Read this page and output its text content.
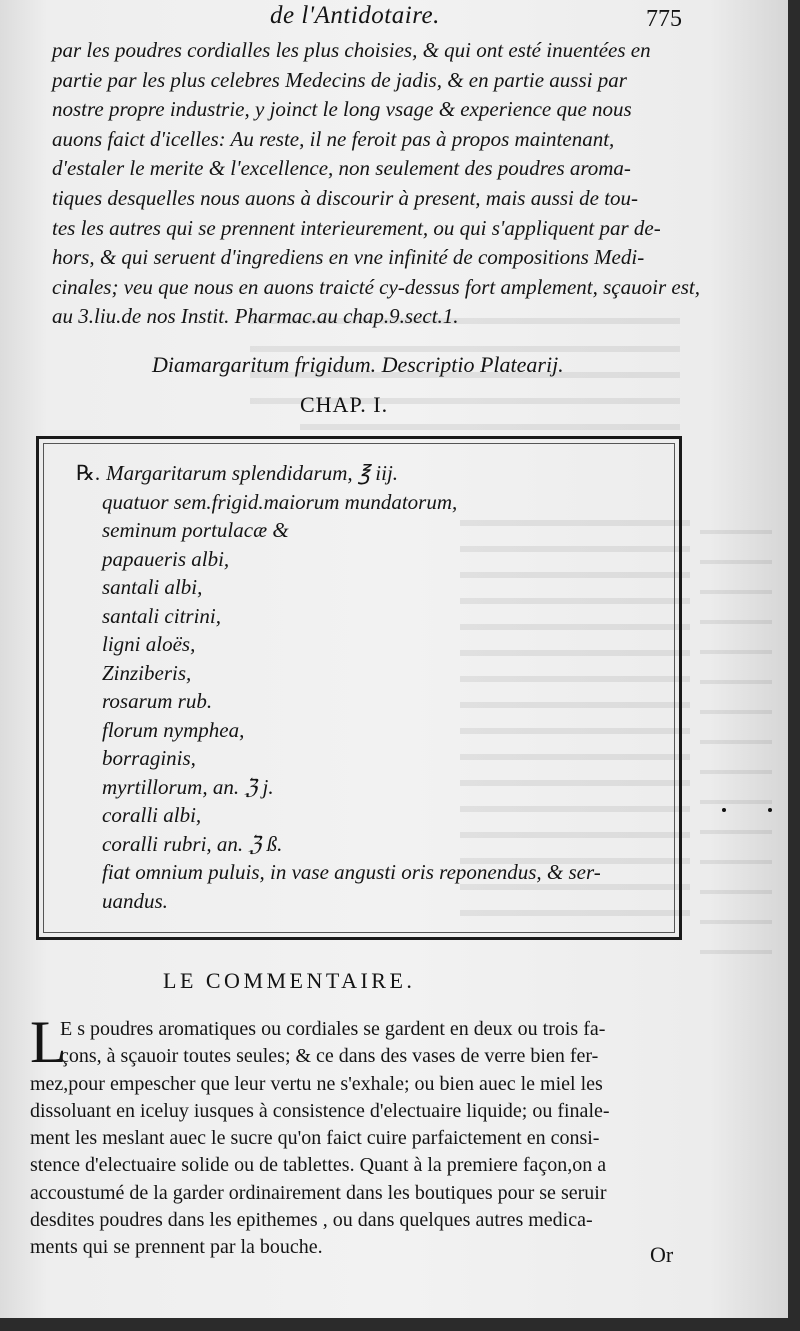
de l'Antidotaire.	775
par les poudres cordialles les plus choisies, & qui ont esté inuentées en
partie par les plus celebres Medecins de jadis, & en partie aussi par
nostre propre industrie, y joinct le long vsage & experience que nous
auons faict d'icelles: Au reste, il ne feroit pas à propos maintenant,
d'estaler le merite & l'excellence, non seulement des poudres aroma-
tiques desquelles nous auons à discourir à present, mais aussi de tou-
tes les autres qui se prennent interieurement, ou qui s'appliquent par de-
hors, & qui seruent d'ingrediens en vne infinité de compositions Medi-
cinales; veu que nous en auons traicté cy-dessus fort amplement, sçauoir est,
au 3.liu.de nos Instit. Pharmac.au chap.9.sect.1.
Diamargaritum frigidum. Descriptio Platearij.
CHAP. I.
℞. Margaritarum splendidarum, ℥ iij.
quatuor sem.frigid.maiorum mundatorum,
seminum portulacæ &
papaueris albi,
santali albi,
santali citrini,
ligni aloës,
Zinziberis,
rosarum rub.
florum nymphea,
borraginis,
myrtillorum, an. ℨ j.
coralli albi,
coralli rubri, an. ℨ ß.
fiat omnium puluis, in vase angusti oris reponendus, & ser-
uandus.
LE COMMENTAIRE.
L
E s poudres aromatiques ou cordiales se gardent en deux ou trois fa-
çons, à sçauoir toutes seules; & ce dans des vases de verre bien fer-
mez,pour empescher que leur vertu ne s'exhale; ou bien auec le miel les
dissoluant en iceluy iusques à consistence d'electuaire liquide; ou finale-
ment les meslant auec le sucre qu'on faict cuire parfaictement en consi-
stence d'electuaire solide ou de tablettes. Quant à la premiere façon,on a
accoustumé de la garder ordinairement dans les boutiques pour se seruir
desdites poudres dans les epithemes , ou dans quelques autres medica-
ments qui se prennent par la bouche.	Or
